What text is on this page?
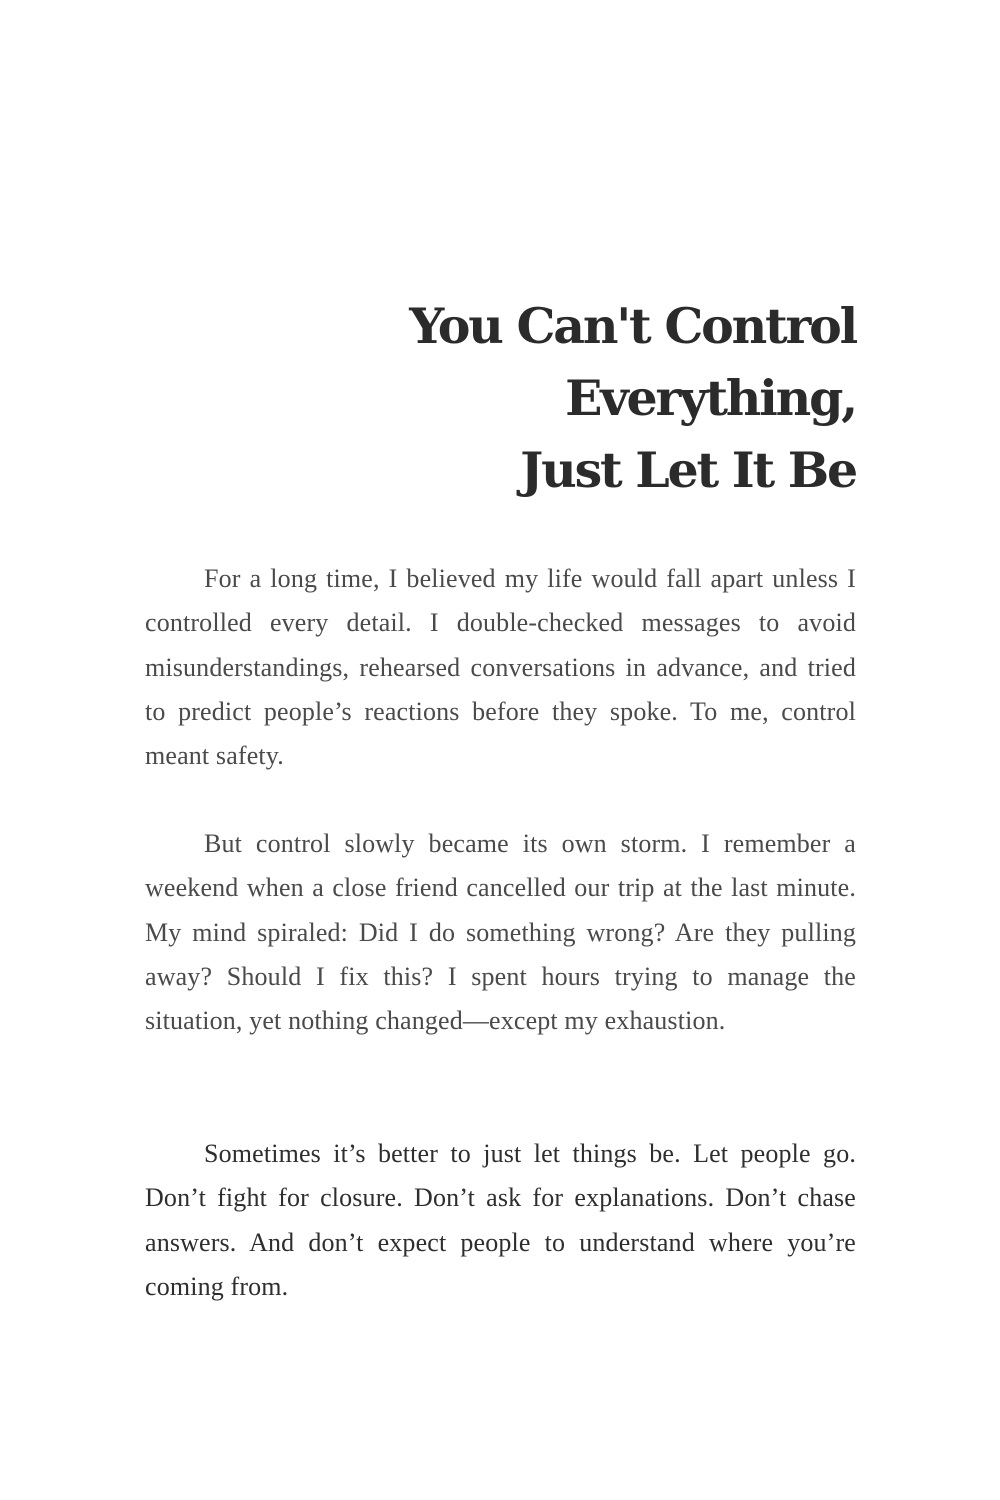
You Can't Control Everything,
Just Let It Be

For a long time, I believed my life would fall apart unless I controlled every detail. I double-checked messages to avoid misunderstandings, rehearsed conversations in advance, and tried to predict people’s reactions before they spoke. To me, control meant safety.

But control slowly became its own storm. I remember a weekend when a close friend cancelled our trip at the last minute. My mind spiraled: Did I do something wrong? Are they pulling away? Should I fix this? I spent hours trying to manage the situation, yet nothing changed—except my exhaustion.

Sometimes it’s better to just let things be. Let people go. Don’t fight for closure. Don’t ask for explanations. Don’t chase answers. And don’t expect people to understand where you’re coming from.
